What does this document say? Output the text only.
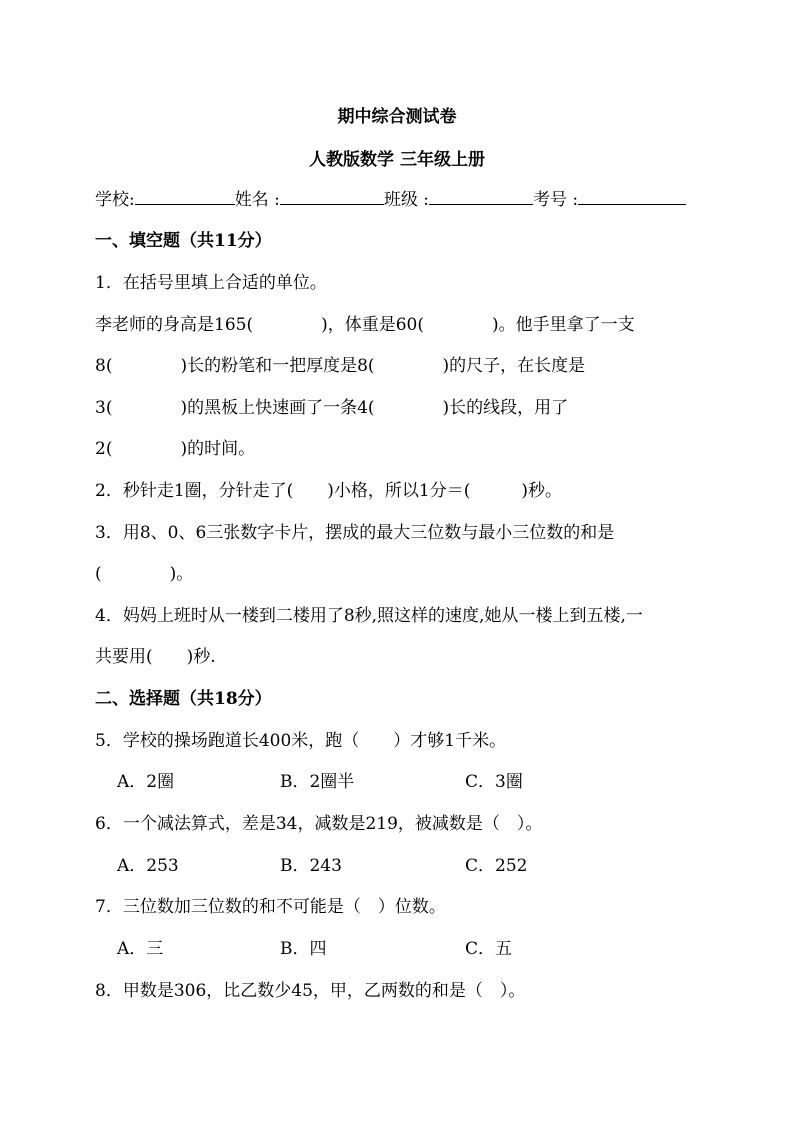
期中综合测试卷
人教版数学 三年级上册
学校:	姓名 :	班级 :	考号 :
一、填空题（共11分）
1．在括号里填上合适的单位。
李老师的身高是165(　　　　)，体重是60(　　　　)。他手里拿了一支
8(　　　　)长的粉笔和一把厚度是8(　　　　)的尺子，在长度是
3(　　　　)的黑板上快速画了一条4(　　　　)长的线段，用了
2(　　　　)的时间。
2．秒针走1圈，分针走了(　　)小格，所以1分＝(　　　)秒。
3．用8、0、6三张数字卡片，摆成的最大三位数与最小三位数的和是
(　　　　)。
4．妈妈上班时从一楼到二楼用了8秒,照这样的速度,她从一楼上到五楼,一
共要用(　　)秒.
二、选择题（共18分）
5．学校的操场跑道长400米，跑（　　）才够1千米。
A．2圈	B．2圈半	C．3圈
6．一个减法算式，差是34，减数是219，被减数是（　）。
A．253	B．243	C．252
7．三位数加三位数的和不可能是（　）位数。
A．三	B．四	C．五
8．甲数是306，比乙数少45，甲，乙两数的和是（　）。
